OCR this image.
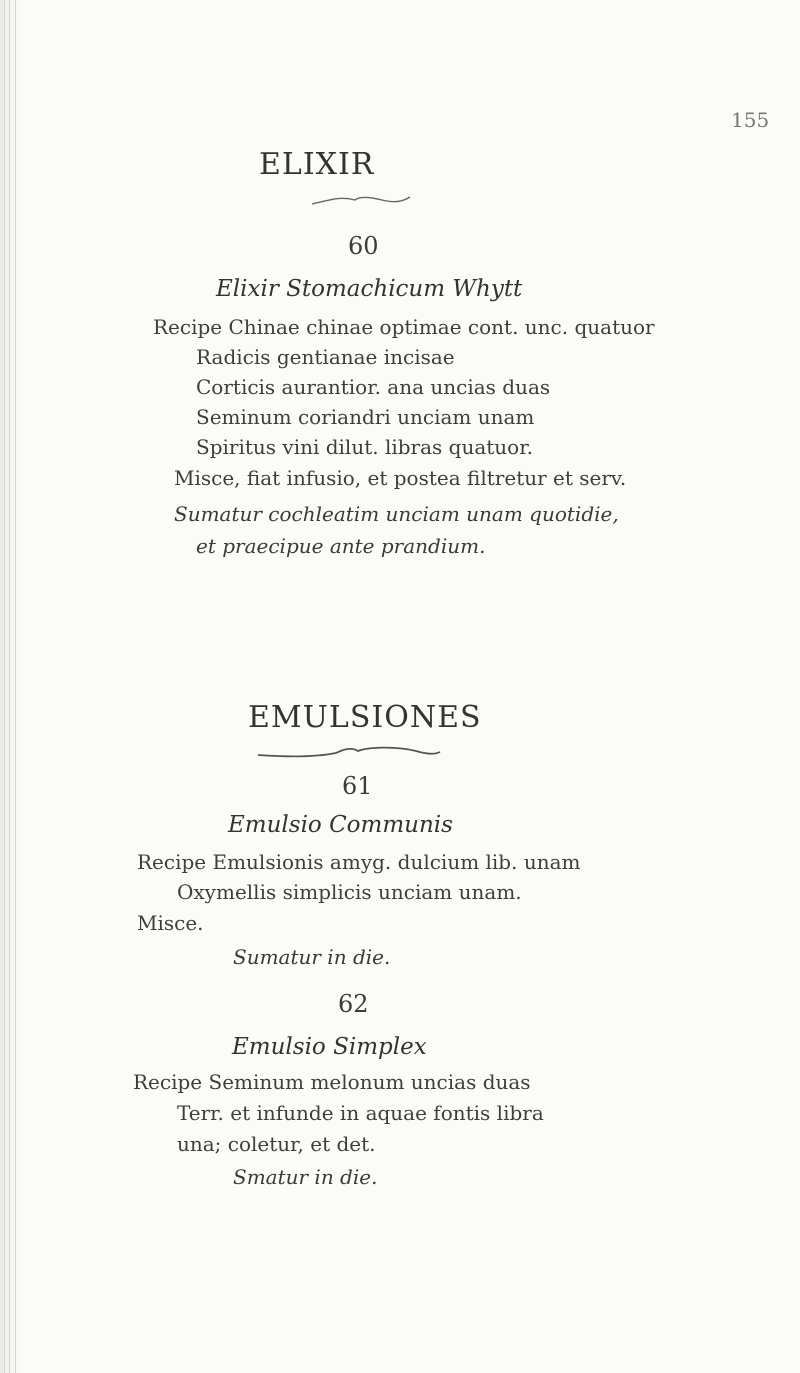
155
ELIXIR
60
Elixir Stomachicum Whytt
Recipe Chinae chinae optimae cont. unc. quatuor
Radicis gentianae incisae
Corticis aurantior. ana uncias duas
Seminum coriandri unciam unam
Spiritus vini dilut. libras quatuor.
Misce, fiat infusio, et postea filtretur et serv.
Sumatur cochleatim unciam unam quotidie,
et praecipue ante prandium.
EMULSIONES
61
Emulsio Communis
Recipe Emulsionis amyg. dulcium lib. unam
Oxymellis simplicis unciam unam.
Misce.
Sumatur in die.
62
Emulsio Simplex
Recipe Seminum melonum uncias duas
Terr. et infunde in aquae fontis libra
una; coletur, et det.
Smatur in die.
